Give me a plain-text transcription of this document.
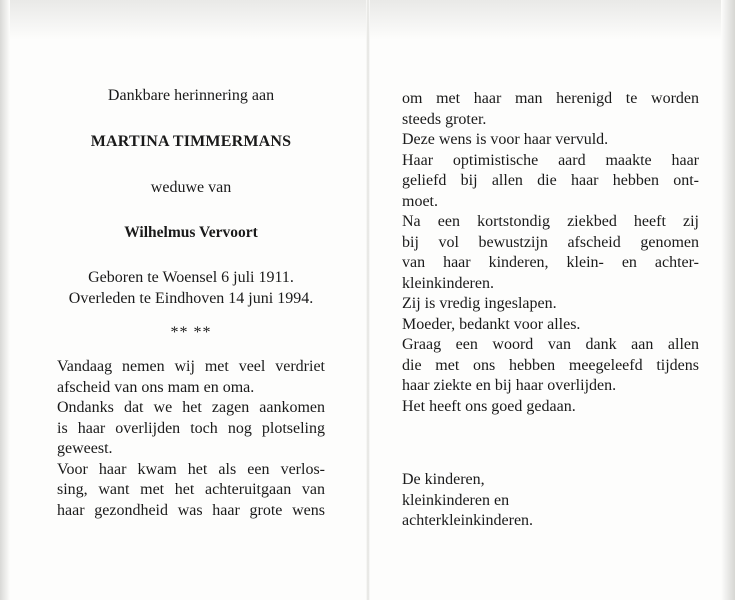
Dankbare herinnering aan
MARTINA TIMMERMANS
weduwe van
Wilhelmus Vervoort
Geboren te Woensel 6 juli 1911.
Overleden te Eindhoven 14 juni 1994.
** **
Vandaag nemen wij met veel verdriet
afscheid van ons mam en oma.
Ondanks dat we het zagen aankomen
is haar overlijden toch nog plotseling
geweest.
Voor haar kwam het als een verlos-
sing, want met het achteruitgaan van
haar gezondheid was haar grote wens
om met haar man herenigd te worden
steeds groter.
Deze wens is voor haar vervuld.
Haar optimistische aard maakte haar
geliefd bij allen die haar hebben ont-
moet.
Na een kortstondig ziekbed heeft zij
bij vol bewustzijn afscheid genomen
van haar kinderen, klein- en achter-
kleinkinderen.
Zij is vredig ingeslapen.
Moeder, bedankt voor alles.
Graag een woord van dank aan allen
die met ons hebben meegeleefd tijdens
haar ziekte en bij haar overlijden.
Het heeft ons goed gedaan.
De kinderen,
kleinkinderen en
achterkleinkinderen.
